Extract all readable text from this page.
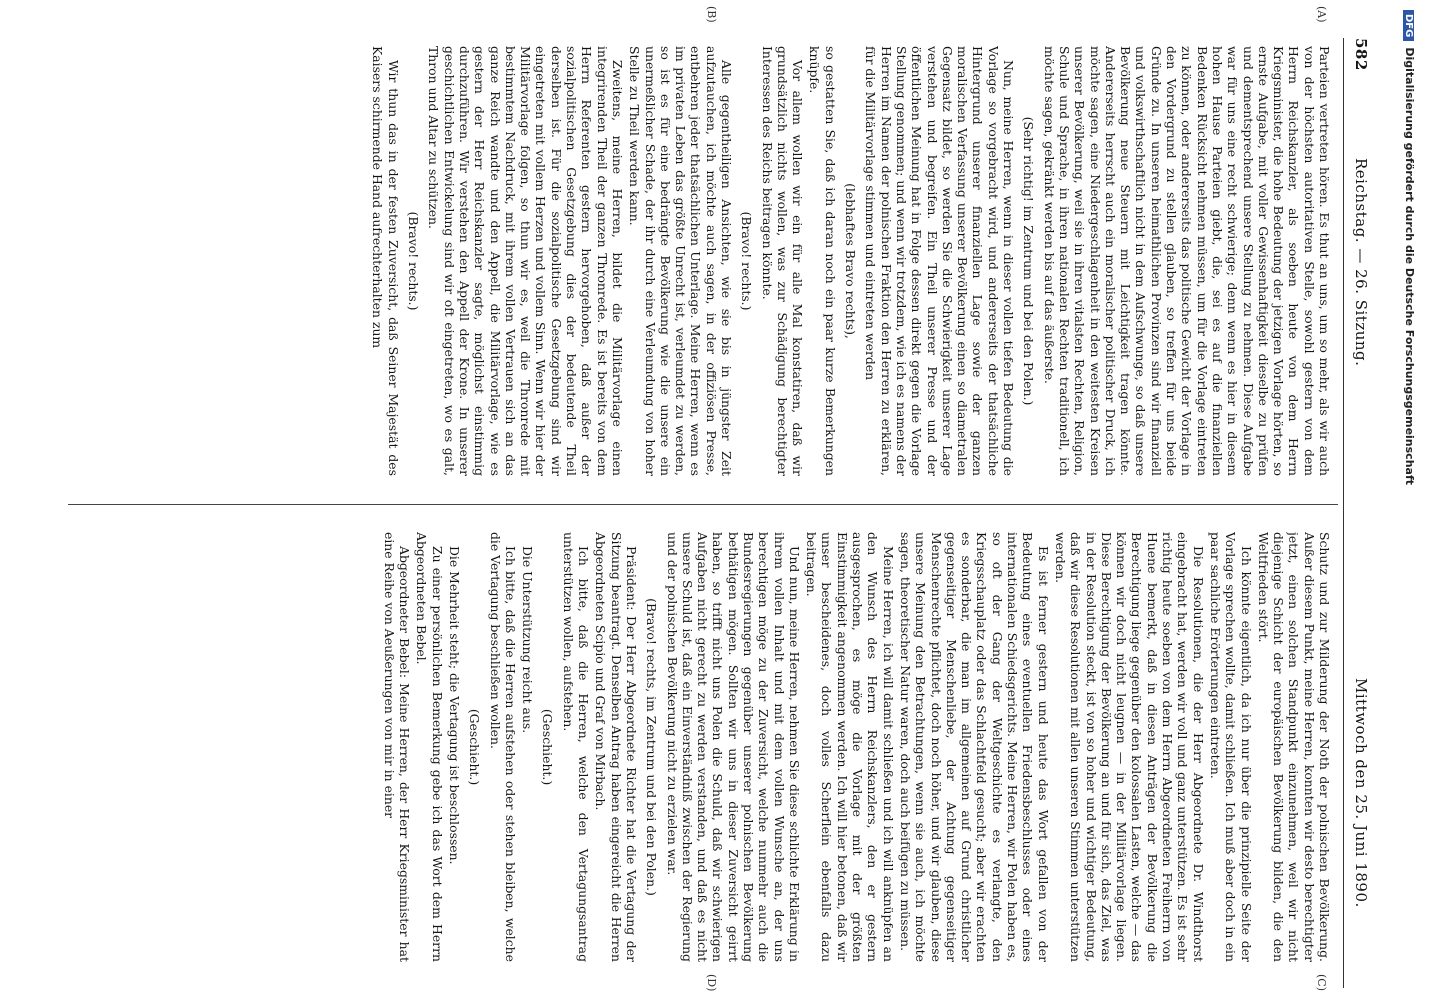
582
Reichstag. — 26. Sitzung.
Mittwoch den 25. Juni 1890.
(A)
(B)
(C)
(D)

Parteien vertreten hören. Es thut an uns, um so mehr, als wir auch von der höchsten autoritativen Stelle, sowohl gestern von dem Herrn Reichskanzler, als soeben heute von dem Herrn Kriegsminister, die hohe Bedeutung der jetzigen Vorlage hörten, so ernste Aufgabe, mit voller Gewissenhaftigkeit dieselbe zu prüfen und dementsprechend unsere Stellung zu nehmen. Diese Aufgabe war für uns eine recht schwierige; denn wenn es hier in diesem hohen Hause Parteien giebt, die, sei es auf die finanziellen Bedenken Rücksicht nehmen müssen, um für die Vorlage eintreten zu können, oder andererseits das politische Gewicht der Vorlage in den Vordergrund zu stellen glauben, so treffen für uns beide Gründe zu. In unseren heimathlichen Provinzen sind wir finanziell und volkswirthschaftlich nicht in dem Aufschwunge, so daß unsere Bevölkerung neue Steuern mit Leichtigkeit tragen könnte. Andererseits herrscht auch ein moralischer politischer Druck, ich möchte sagen, eine Niedergeschlagenheit in den weitesten Kreisen unserer Bevölkerung, weil sie in ihren vitalsten Rechten, Religion, Schule und Sprache, in ihren nationalen Rechten traditionell, ich möchte sagen, gekränkt werden bis auf das äußerste.

(Sehr richtig! im Zentrum und bei den Polen.)

Nun, meine Herren, wenn in dieser vollen tiefen Bedeutung die Vorlage so vorgebracht wird, und andererseits der thatsächliche Hintergrund unserer finanziellen Lage sowie der ganzen moralischen Verfassung unserer Bevölkerung einen so diametralen Gegensatz bildet, so werden Sie die Schwierigkeit unserer Lage verstehen und begreifen. Ein Theil unserer Presse und der öffentlichen Meinung hat in Folge dessen direkt gegen die Vorlage Stellung genommen; und wenn wir trotzdem, wie ich es namens der Herren im Namen der polnischen Fraktion den Herren zu erklären, für die Militärvorlage stimmen und eintreten werden

(lebhaftes Bravo rechts),

so gestatten Sie, daß ich daran noch ein paar kurze Bemerkungen knüpfe.

Vor allem wollen wir ein für alle Mal konstatiren, daß wir grundsätzlich nichts wollen, was zur Schädigung berechtigter Interessen des Reichs beitragen könnte.

(Bravo! rechts.)

Alle gegentheiligen Ansichten, wie sie bis in jüngster Zeit aufzutauchen, ich möchte auch sagen, in der offiziösen Presse, entbehren jeder thatsächlichen Unterlage. Meine Herren, wenn es im privaten Leben das größte Unrecht ist, verleumdet zu werden, so ist es für eine bedrängte Bevölkerung wie die unsere ein unermeßlicher Schade, der ihr durch eine Verleumdung von hoher Stelle zu Theil werden kann.

Zweitens, meine Herren, bildet die Militärvorlage einen integrirenden Theil der ganzen Thronrede. Es ist bereits von dem Herrn Referenten gestern hervorgehoben, daß außer der sozialpolitischen Gesetzgebung dies der bedeutende Theil derselben ist. Für die sozialpolitische Gesetzgebung sind wir eingetreten mit vollem Herzen und vollem Sinn. Wenn wir hier der Militärvorlage folgen, so thun wir es, weil die Thronrede mit bestimmtem Nachdruck, mit ihrem vollen Vertrauen sich an das ganze Reich wandte und den Appell, die Militärvorlage, wie es gestern der Herr Reichskanzler sagte, möglichst einstimmig durchzuführen. Wir verstehen den Appell der Krone. In unserer geschichtlichen Entwickelung sind wir oft eingetreten, wo es galt, Thron und Altar zu schützen.

(Bravo! rechts.)

Wir thun das in der festen Zuversicht, daß Seiner Majestät des Kaisers schirmende Hand aufrechterhalten zum

Schutz und zur Milderung der Noth der polnischen Bevölkerung. Außer diesem Punkt, meine Herren, konnten wir desto berechtigter jetzt, einen solchen Standpunkt einzunehmen, weil wir nicht diejenige Schicht der europäischen Bevölkerung bilden, die den Weltfrieden stört.

Ich könnte eigentlich, da ich nur über die prinzipielle Seite der Vorlage sprechen wollte, damit schließen. Ich muß aber doch in ein paar sachliche Erörterungen eintreten.

Die Resolutionen, die der Herr Abgeordnete Dr. Windthorst eingebracht hat, werden wir voll und ganz unterstützen. Es ist sehr richtig heute soeben von dem Herrn Abgeordneten Freiherrn von Huene bemerkt, daß in diesen Anträgen der Bevölkerung die Berechtigung liege gegenüber den kolossalen Lasten, welche — das können wir doch nicht leugnen — in der Militärvorlage liegen. Diese Berechtigung der Bevölkerung an und für sich, das Ziel, was in der Resolution steckt, ist von so hoher und wichtiger Bedeutung, daß wir diese Resolutionen mit allen unseren Stimmen unterstützen werden.

Es ist ferner gestern und heute das Wort gefallen von der Bedeutung eines eventuellen Friedensbeschlusses oder eines internationalen Schiedsgerichts. Meine Herren, wir Polen haben es, so oft der Gang der Weltgeschichte es verlangte, den Kriegsschauplatz oder das Schlachtfeld gesucht; aber wir erachten es sonderbar, die man im allgemeinen auf Grund christlicher gegenseitiger Menschenliebe, der Achtung gegenseitiger Menschenrechte pflichtet, doch noch höher, und wir glauben, diese unsere Meinung den Betrachtungen, wenn sie auch, ich möchte sagen, theoretischer Natur waren, doch auch beifügen zu müssen.

Meine Herren, ich will damit schließen und ich will anknüpfen an den Wunsch des Herrn Reichskanzlers, den er gestern ausgesprochen, es möge die Vorlage mit der größten Einstimmigkeit angenommen werden. Ich will hier betonen, daß wir unser bescheidenes, doch volles Scherflein ebenfalls dazu beitragen.

Und nun, meine Herren, nehmen Sie diese schlichte Erklärung in ihrem vollen Inhalt und mit dem vollen Wunsche an, der uns berechtigen möge zu der Zuversicht, welche nunmehr auch die Bundesregierungen gegenüber unserer polnischen Bevölkerung bethätigen mögen. Sollten wir uns in dieser Zuversicht geirrt haben, so trifft nicht uns Polen die Schuld, daß wir schwierigen Aufgaben nicht gerecht zu werden verstanden, und daß es nicht unsere Schuld ist, daß ein Einverständniß zwischen der Regierung und der polnischen Bevölkerung nicht zu erzielen war.

(Bravo! rechts, im Zentrum und bei den Polen.)

Präsident: Der Herr Abgeordnete Richter hat die Vertagung der Sitzung beantragt. Denselben Antrag haben eingereicht die Herren Abgeordneten Scipio und Graf von Mirbach.

Ich bitte, daß die Herren, welche den Vertagungsantrag unterstützen wollen, aufstehen.

(Geschieht.)

Die Unterstützung reicht aus.

Ich bitte, daß die Herren aufstehen oder stehen bleiben, welche die Vertagung beschließen wollen.

(Geschieht.)

Die Mehrheit steht; die Vertagung ist beschlossen.

Zu einer persönlichen Bemerkung gebe ich das Wort dem Herrn Abgeordneten Bebel.

Abgeordneter Bebel: Meine Herren, der Herr Kriegsminister hat eine Reihe von Aeußerungen von mir in einer

DFGDigitalisierung gefördert durch die Deutsche Forschungsgemeinschaft
